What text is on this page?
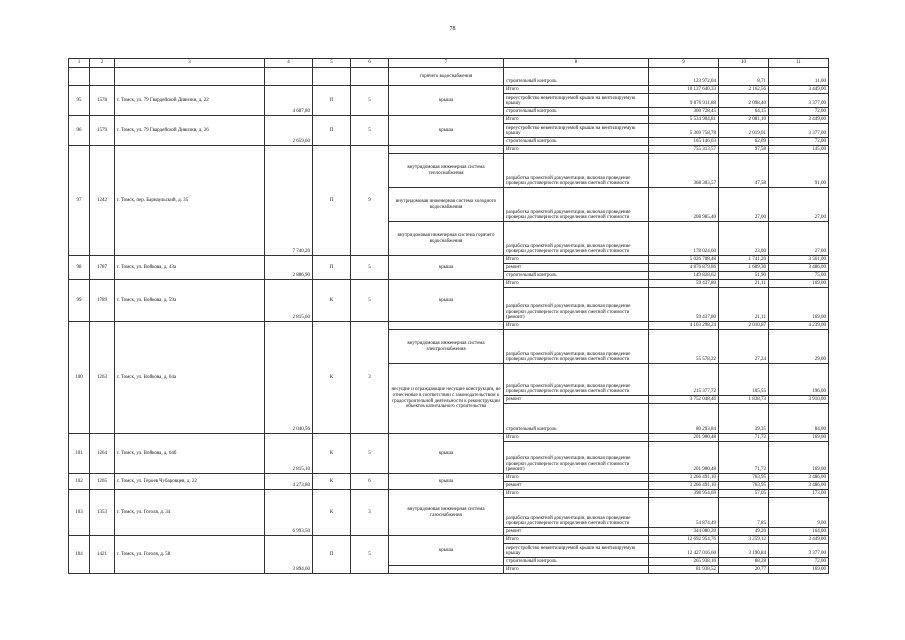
78
1	2	3	4	5	6	7	8	9	10	11
						горячего водоснабжения	строительный контроль	123 972,04	8,71	11,00
95	1578	г. Томск, ул. 79 Гвардейской Дивизии, д. 22	4 687,80	П	5	крыша	Итого	10 137 640,33	2 162,56	3 449,00
							переустройство невентилируемой крыши на вентилируемую крышу	9 876 911,88	2 098,40	3 377,00
							строительный контроль	300 728,45	64,15	72,00
96	1579	г. Томск, ул. 79 Гвардейской Дивизии, д. 26	2 659,60	П	5	крыша	Итого	5 534 904,81	2 081,10	3 449,00
							переустройство невентилируемой крыши на вентилируемую крышу	5 369 758,78	2 019,01	3 377,00
							строительный контроль	165 146,03	62,09	72,00
97	1242	г. Томск, пер. Барнаульский, д. 35	7 740,20	П	9		Итого	755 313,57	97,58	145,00
						внутридомовая инженерная система теплоснабжения	разработка проектной документации, включая проведение проверки достоверности определения сметной стоимости	368 303,57	47,58	91,00
						внутридомовая инженерная система холодного водоснабжения	разработка проектной документации, включая проведение проверки достоверности определения сметной стоимости	208 985,40	27,00	27,00
						внутридомовая инженерная система горячего водоснабжения	разработка проектной документации, включая проведение проверки достоверности определения сметной стоимости	178 024,60	23,00	27,00
98	1787	г. Томск, ул. Войкова, д. 43а	2 886,90	П	5	крыша	Итого	5 026 708,48	1 741,20	3 561,00
							ремонт	4 876 879,86	1 689,30	3 486,00
							строительный контроль	149 828,62	51,90	75,00
99	1789	г. Томск, ул. Войкова, д. 59а	2 815,60	К	5	крыша	Итого	59 437,80	21,11	169,00
							разработка проектной документации, включая проведение проверки достоверности определения сметной стоимости (ремонт)	59 437,80	21,11	169,00
100	1263	г. Томск, ул. Войкова, д. 64а	2 040,56	К	3		Итого	4 103 298,24	2 010,87	4 239,00
						внутридомовая инженерная система электроснабжения	разработка проектной документации, включая проведение проверки достоверности определения сметной стоимости	55 578,22	27,24	29,00
						несущие и ограждающие несущие конструкции, не отнесенные в соответствии с законодательством о градостроительной деятельности к реконструкции объектов капитального строительства	разработка проектной документации, включая проведение проверки достоверности определения сметной стоимости	215 377,72	105,55	196,00
							ремонт	3 752 048,46	1 838,73	3 910,00
							строительный контроль	80 293,84	39,35	84,00
101	1264	г. Томск, ул. Войкова, д. 64б	2 815,10	К	5	крыша	Итого	201 900,48	71,72	169,00
							разработка проектной документации, включая проведение проверки достоверности определения сметной стоимости (ремонт)	201 900,48	71,72	169,00
102	1265	г. Томск, ул. Героев Чубаровцев, д. 22	4 273,80	К	6	крыша	Итого	3 266 491,10	763,95	3 486,00
							ремонт	3 266 491,10	763,95	3 486,00
103	1353	г. Томск, ул. Гоголя, д. 34	6 993,50	К	3	внутридомовая инженерная система газоснабжения	Итого	398 954,69	57,05	173,00
							разработка проектной документации, включая проведение проверки достоверности определения сметной стоимости	54 874,49	7,85	9,00
							ремонт	344 080,20	49,20	164,00
104	1421	г. Томск, ул. Гоголя, д. 58	3 894,60	П	5	крыша	Итого	12 692 954,76	3 259,12	3 449,00
							переустройство невентилируемой крыши на вентилируемую крышу	12 427 016,60	3 190,84	3 377,00
							строительный контроль	265 938,16	68,28	72,00
							Итого	81 938,52	20,77	169,00
